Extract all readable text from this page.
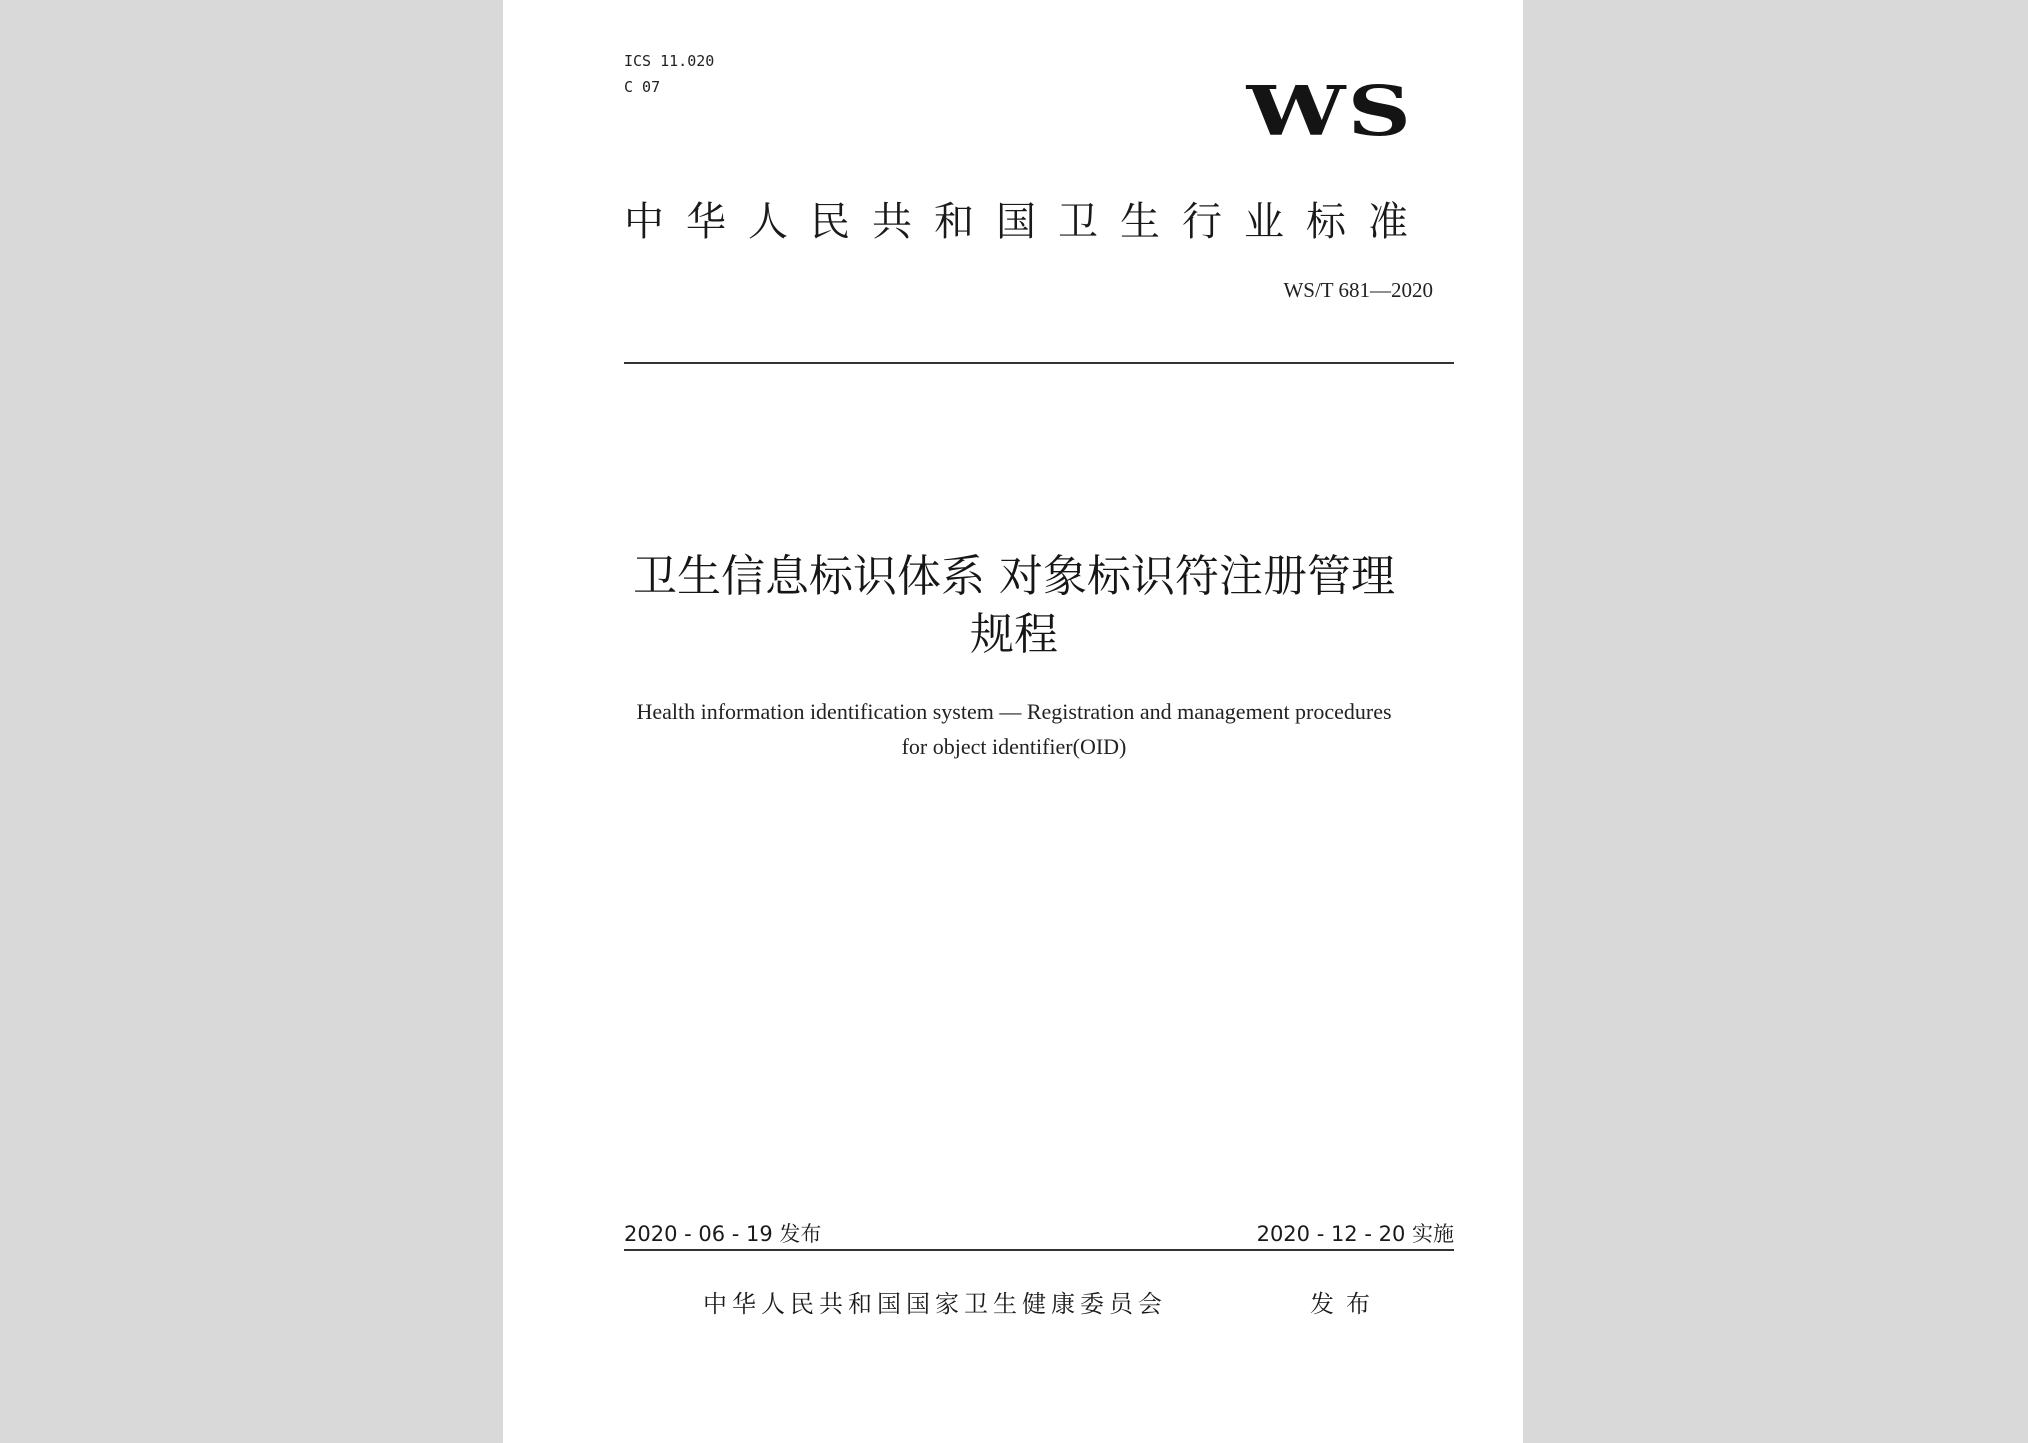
ICS 11.020
C 07	WS
中华人民共和国卫生行业标准
WS/T 681—2020
卫生信息标识体系 对象标识符注册管理规程
Health information identification system — Registration and management procedures for object identifier(OID)
2020 - 06 - 19 发布	2020 - 12 - 20 实施
中华人民共和国国家卫生健康委员会	发布
